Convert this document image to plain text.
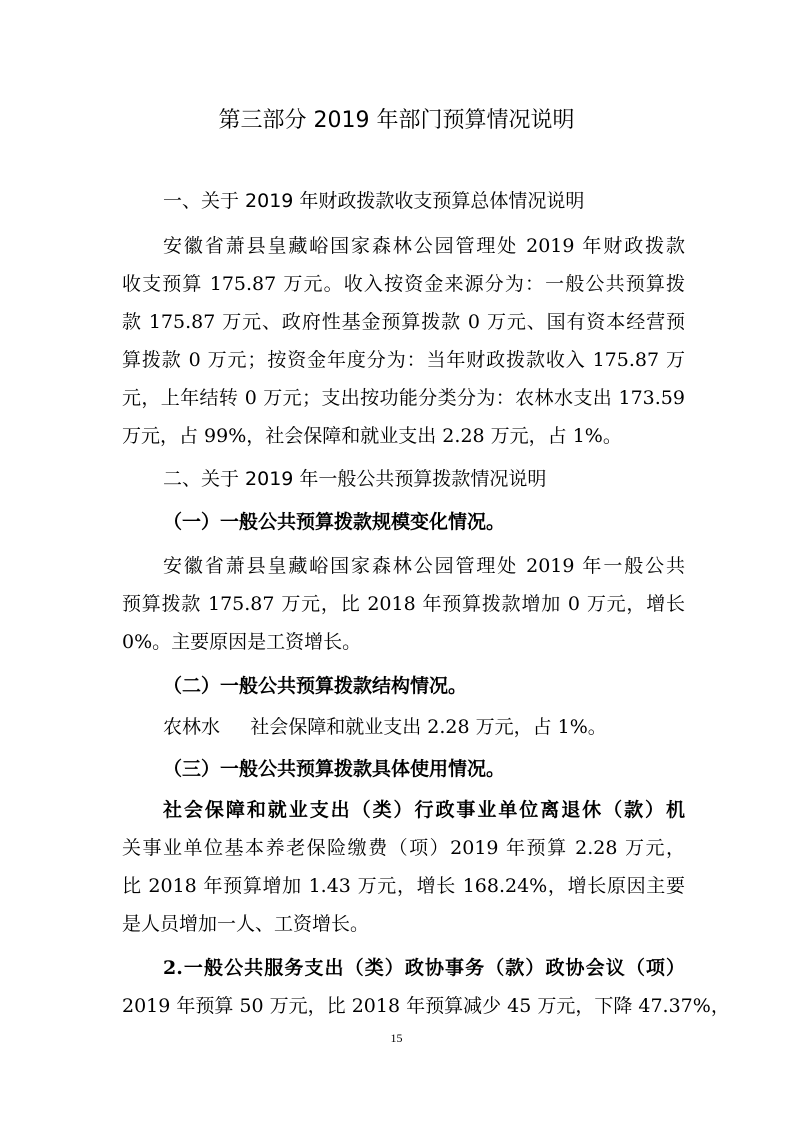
第三部分 2019 年部门预算情况说明
一、关于 2019 年财政拨款收支预算总体情况说明
安徽省萧县皇藏峪国家森林公园管理处 2019 年财政拨款
收支预算 175.87 万元。收入按资金来源分为：一般公共预算拨
款 175.87 万元、政府性基金预算拨款 0 万元、国有资本经营预
算拨款 0 万元；按资金年度分为：当年财政拨款收入 175.87 万
元，上年结转 0 万元；支出按功能分类分为：农林水支出 173.59
万元，占 99%，社会保障和就业支出 2.28 万元，占 1%。
二、关于 2019 年一般公共预算拨款情况说明
（一）一般公共预算拨款规模变化情况。
安徽省萧县皇藏峪国家森林公园管理处 2019 年一般公共
预算拨款 175.87 万元，比 2018 年预算拨款增加 0 万元，增长
0%。主要原因是工资增长。
（二）一般公共预算拨款结构情况。
农林水     社会保障和就业支出 2.28 万元，占 1%。
（三）一般公共预算拨款具体使用情况。
社会保障和就业支出（类）行政事业单位离退休（款）机
关事业单位基本养老保险缴费（项）2019 年预算 2.28 万元，
比 2018 年预算增加 1.43 万元，增长 168.24%，增长原因主要
是人员增加一人、工资增长。
2.一般公共服务支出（类）政协事务（款）政协会议（项）
2019 年预算 50 万元，比 2018 年预算减少 45 万元，下降 47.37%，
15
